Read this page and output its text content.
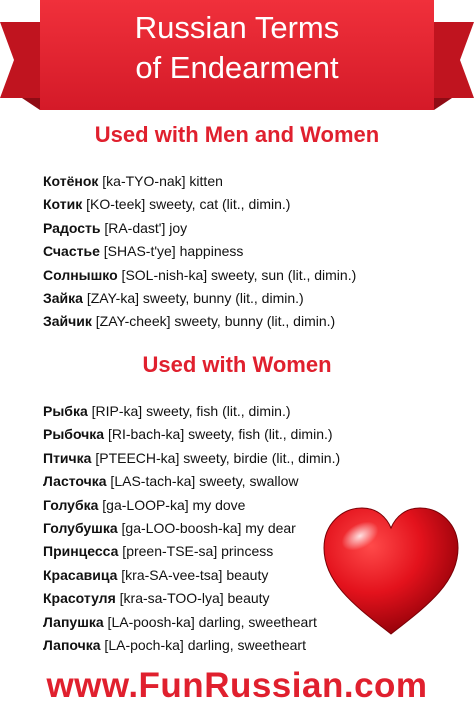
Russian Terms
of Endearment
Used with Men and Women
Котёнок [ka-TYO-nak] kitten
Котик [KO-teek] sweety, cat (lit., dimin.)
Радость [RA-dast'] joy
Счастье [SHAS-t'ye] happiness
Солнышко [SOL-nish-ka] sweety, sun (lit., dimin.)
Зайка [ZAY-ka] sweety, bunny (lit., dimin.)
Зайчик [ZAY-cheek] sweety, bunny (lit., dimin.)
Used with Women
Рыбка [RIP-ka] sweety, fish (lit., dimin.)
Рыбочка [RI-bach-ka] sweety, fish (lit., dimin.)
Птичка [PTEECH-ka] sweety, birdie (lit., dimin.)
Ласточка [LAS-tach-ka] sweety, swallow
Голубка [ga-LOOP-ka] my dove
Голубушка [ga-LOO-boosh-ka] my dear
Принцесса [preen-TSE-sa] princess
Красавица [kra-SA-vee-tsa] beauty
Красотуля [kra-sa-TOO-lya] beauty
Лапушка [LA-poosh-ka] darling, sweetheart
Лапочка [LA-poch-ka] darling, sweetheart
www.FunRussian.com
